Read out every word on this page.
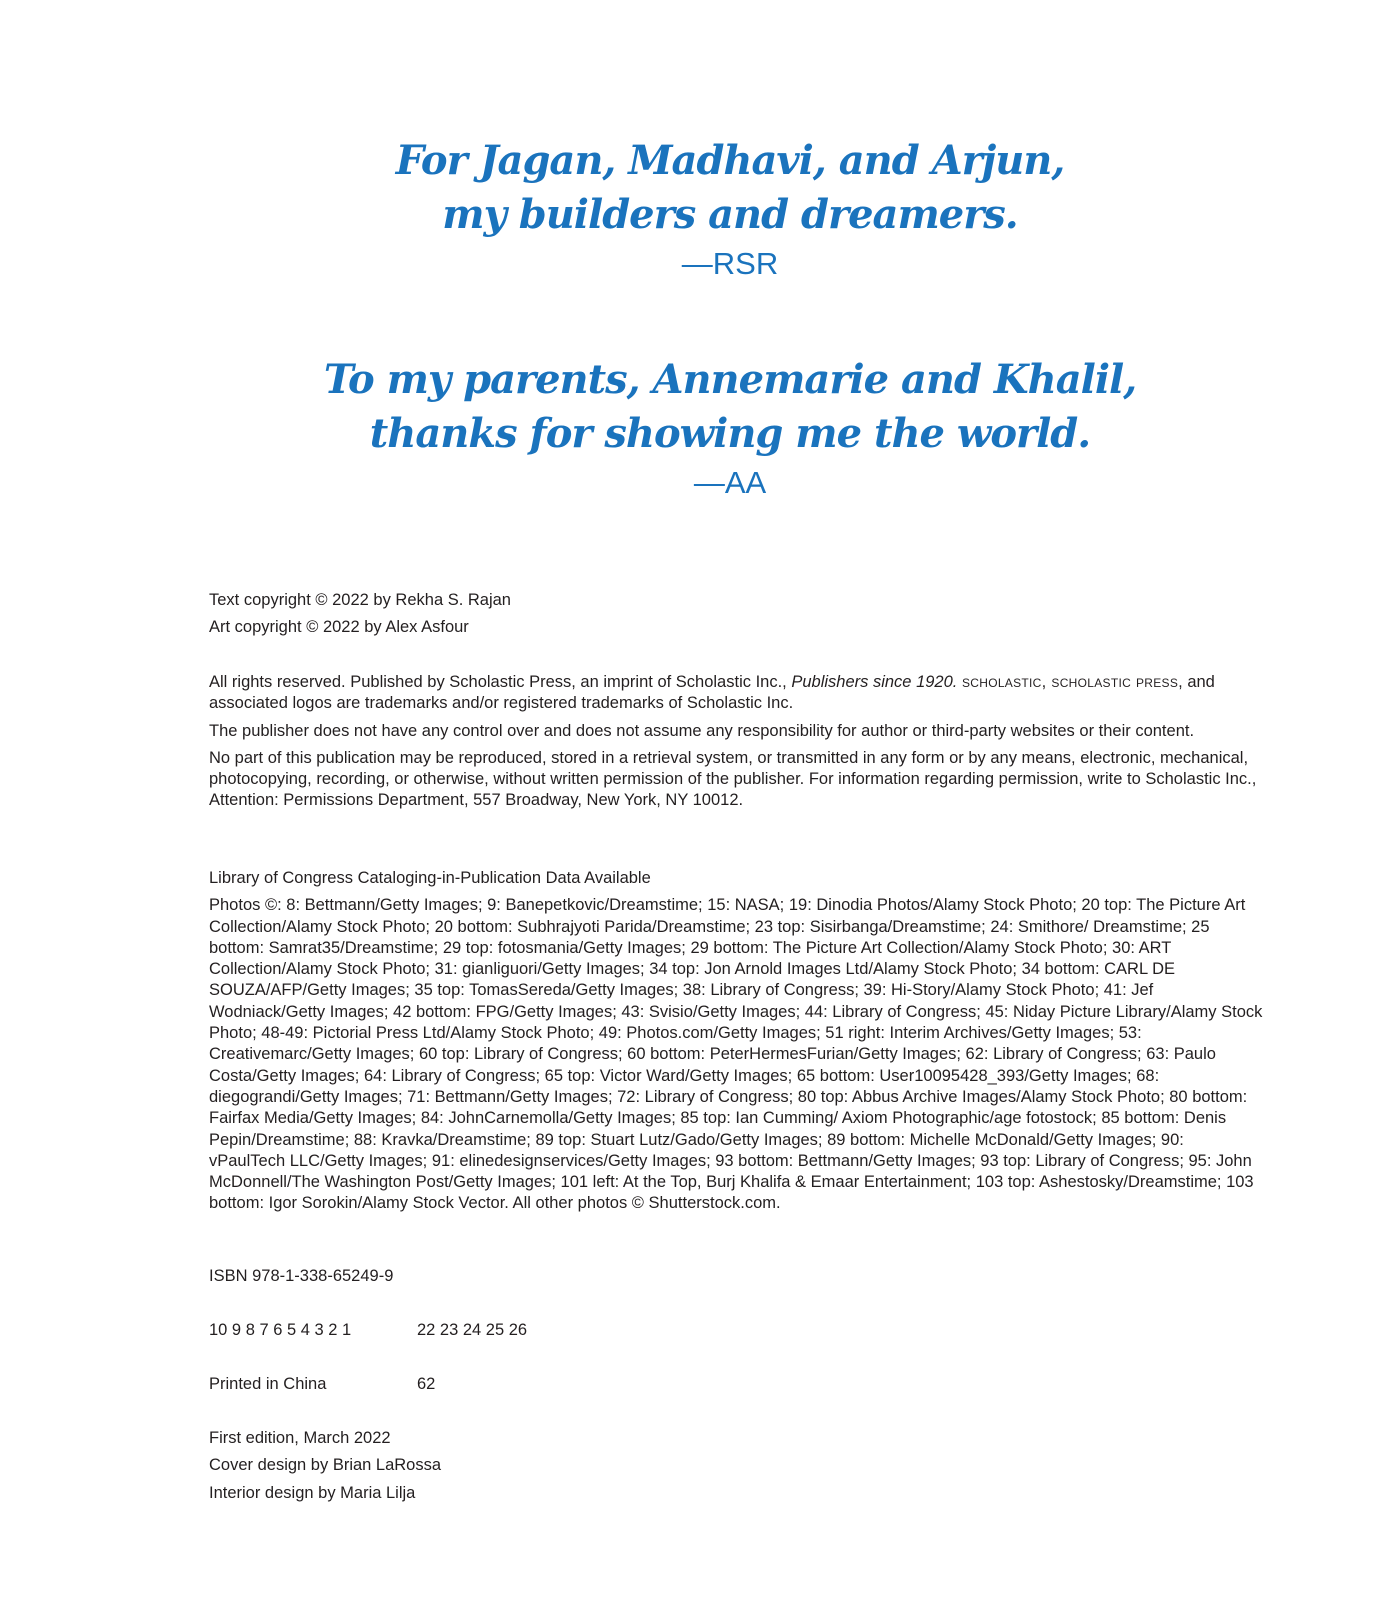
For Jagan, Madhavi, and Arjun,
my builders and dreamers.
—RSR
To my parents, Annemarie and Khalil,
thanks for showing me the world.
—AA

Text copyright © 2022 by Rekha S. Rajan

Art copyright © 2022 by Alex Asfour

All rights reserved. Published by Scholastic Press, an imprint of Scholastic Inc., Publishers since 1920. scholastic, scholastic press, and associated logos are trademarks and/or registered trademarks of Scholastic Inc.

The publisher does not have any control over and does not assume any responsibility for author or third-party websites or their content.

No part of this publication may be reproduced, stored in a retrieval system, or transmitted in any form or by any means, electronic, mechanical, photocopying, recording, or otherwise, without written permission of the publisher. For information regarding permission, write to Scholastic Inc., Attention: Permissions Department, 557 Broadway, New York, NY 10012.

Library of Congress Cataloging-in-Publication Data Available

Photos ©: 8: Bettmann/Getty Images; 9: Banepetkovic/Dreamstime; 15: NASA; 19: Dinodia Photos/Alamy Stock Photo; 20 top: The Picture Art Collection/Alamy Stock Photo; 20 bottom: Subhrajyoti Parida/Dreamstime; 23 top: Sisirbanga/Dreamstime; 24: Smithore/ Dreamstime; 25 bottom: Samrat35/Dreamstime; 29 top: fotosmania/Getty Images; 29 bottom: The Picture Art Collection/Alamy Stock Photo; 30: ART Collection/Alamy Stock Photo; 31: gianliguori/Getty Images; 34 top: Jon Arnold Images Ltd/Alamy Stock Photo; 34 bottom: CARL DE SOUZA/AFP/Getty Images; 35 top: TomasSereda/Getty Images; 38: Library of Congress; 39: Hi-Story/Alamy Stock Photo; 41: Jef Wodniack/Getty Images; 42 bottom: FPG/Getty Images; 43: Svisio/Getty Images; 44: Library of Congress; 45: Niday Picture Library/Alamy Stock Photo; 48-49: Pictorial Press Ltd/Alamy Stock Photo; 49: Photos.com/Getty Images; 51 right: Interim Archives/Getty Images; 53: Creativemarc/Getty Images; 60 top: Library of Congress; 60 bottom: PeterHermesFurian/Getty Images; 62: Library of Congress; 63: Paulo Costa/Getty Images; 64: Library of Congress; 65 top: Victor Ward/Getty Images; 65 bottom: User10095428_393/Getty Images; 68: diegograndi/Getty Images; 71: Bettmann/Getty Images; 72: Library of Congress; 80 top: Abbus Archive Images/Alamy Stock Photo; 80 bottom: Fairfax Media/Getty Images; 84: JohnCarnemolla/Getty Images; 85 top: Ian Cumming/ Axiom Photographic/age fotostock; 85 bottom: Denis Pepin/Dreamstime; 88: Kravka/Dreamstime; 89 top: Stuart Lutz/Gado/Getty Images; 89 bottom: Michelle McDonald/Getty Images; 90: vPaulTech LLC/Getty Images; 91: elinedesignservices/Getty Images; 93 bottom: Bettmann/Getty Images; 93 top: Library of Congress; 95: John McDonnell/The Washington Post/Getty Images; 101 left: At the Top, Burj Khalifa & Emaar Entertainment; 103 top: Ashestosky/Dreamstime; 103 bottom: Igor Sorokin/Alamy Stock Vector. All other photos © Shutterstock.com.

ISBN 978-1-338-65249-9
10 9 8 7 6 5 4 3 2 1	22 23 24 25 26
Printed in China	62

First edition, March 2022

Cover design by Brian LaRossa

Interior design by Maria Lilja
